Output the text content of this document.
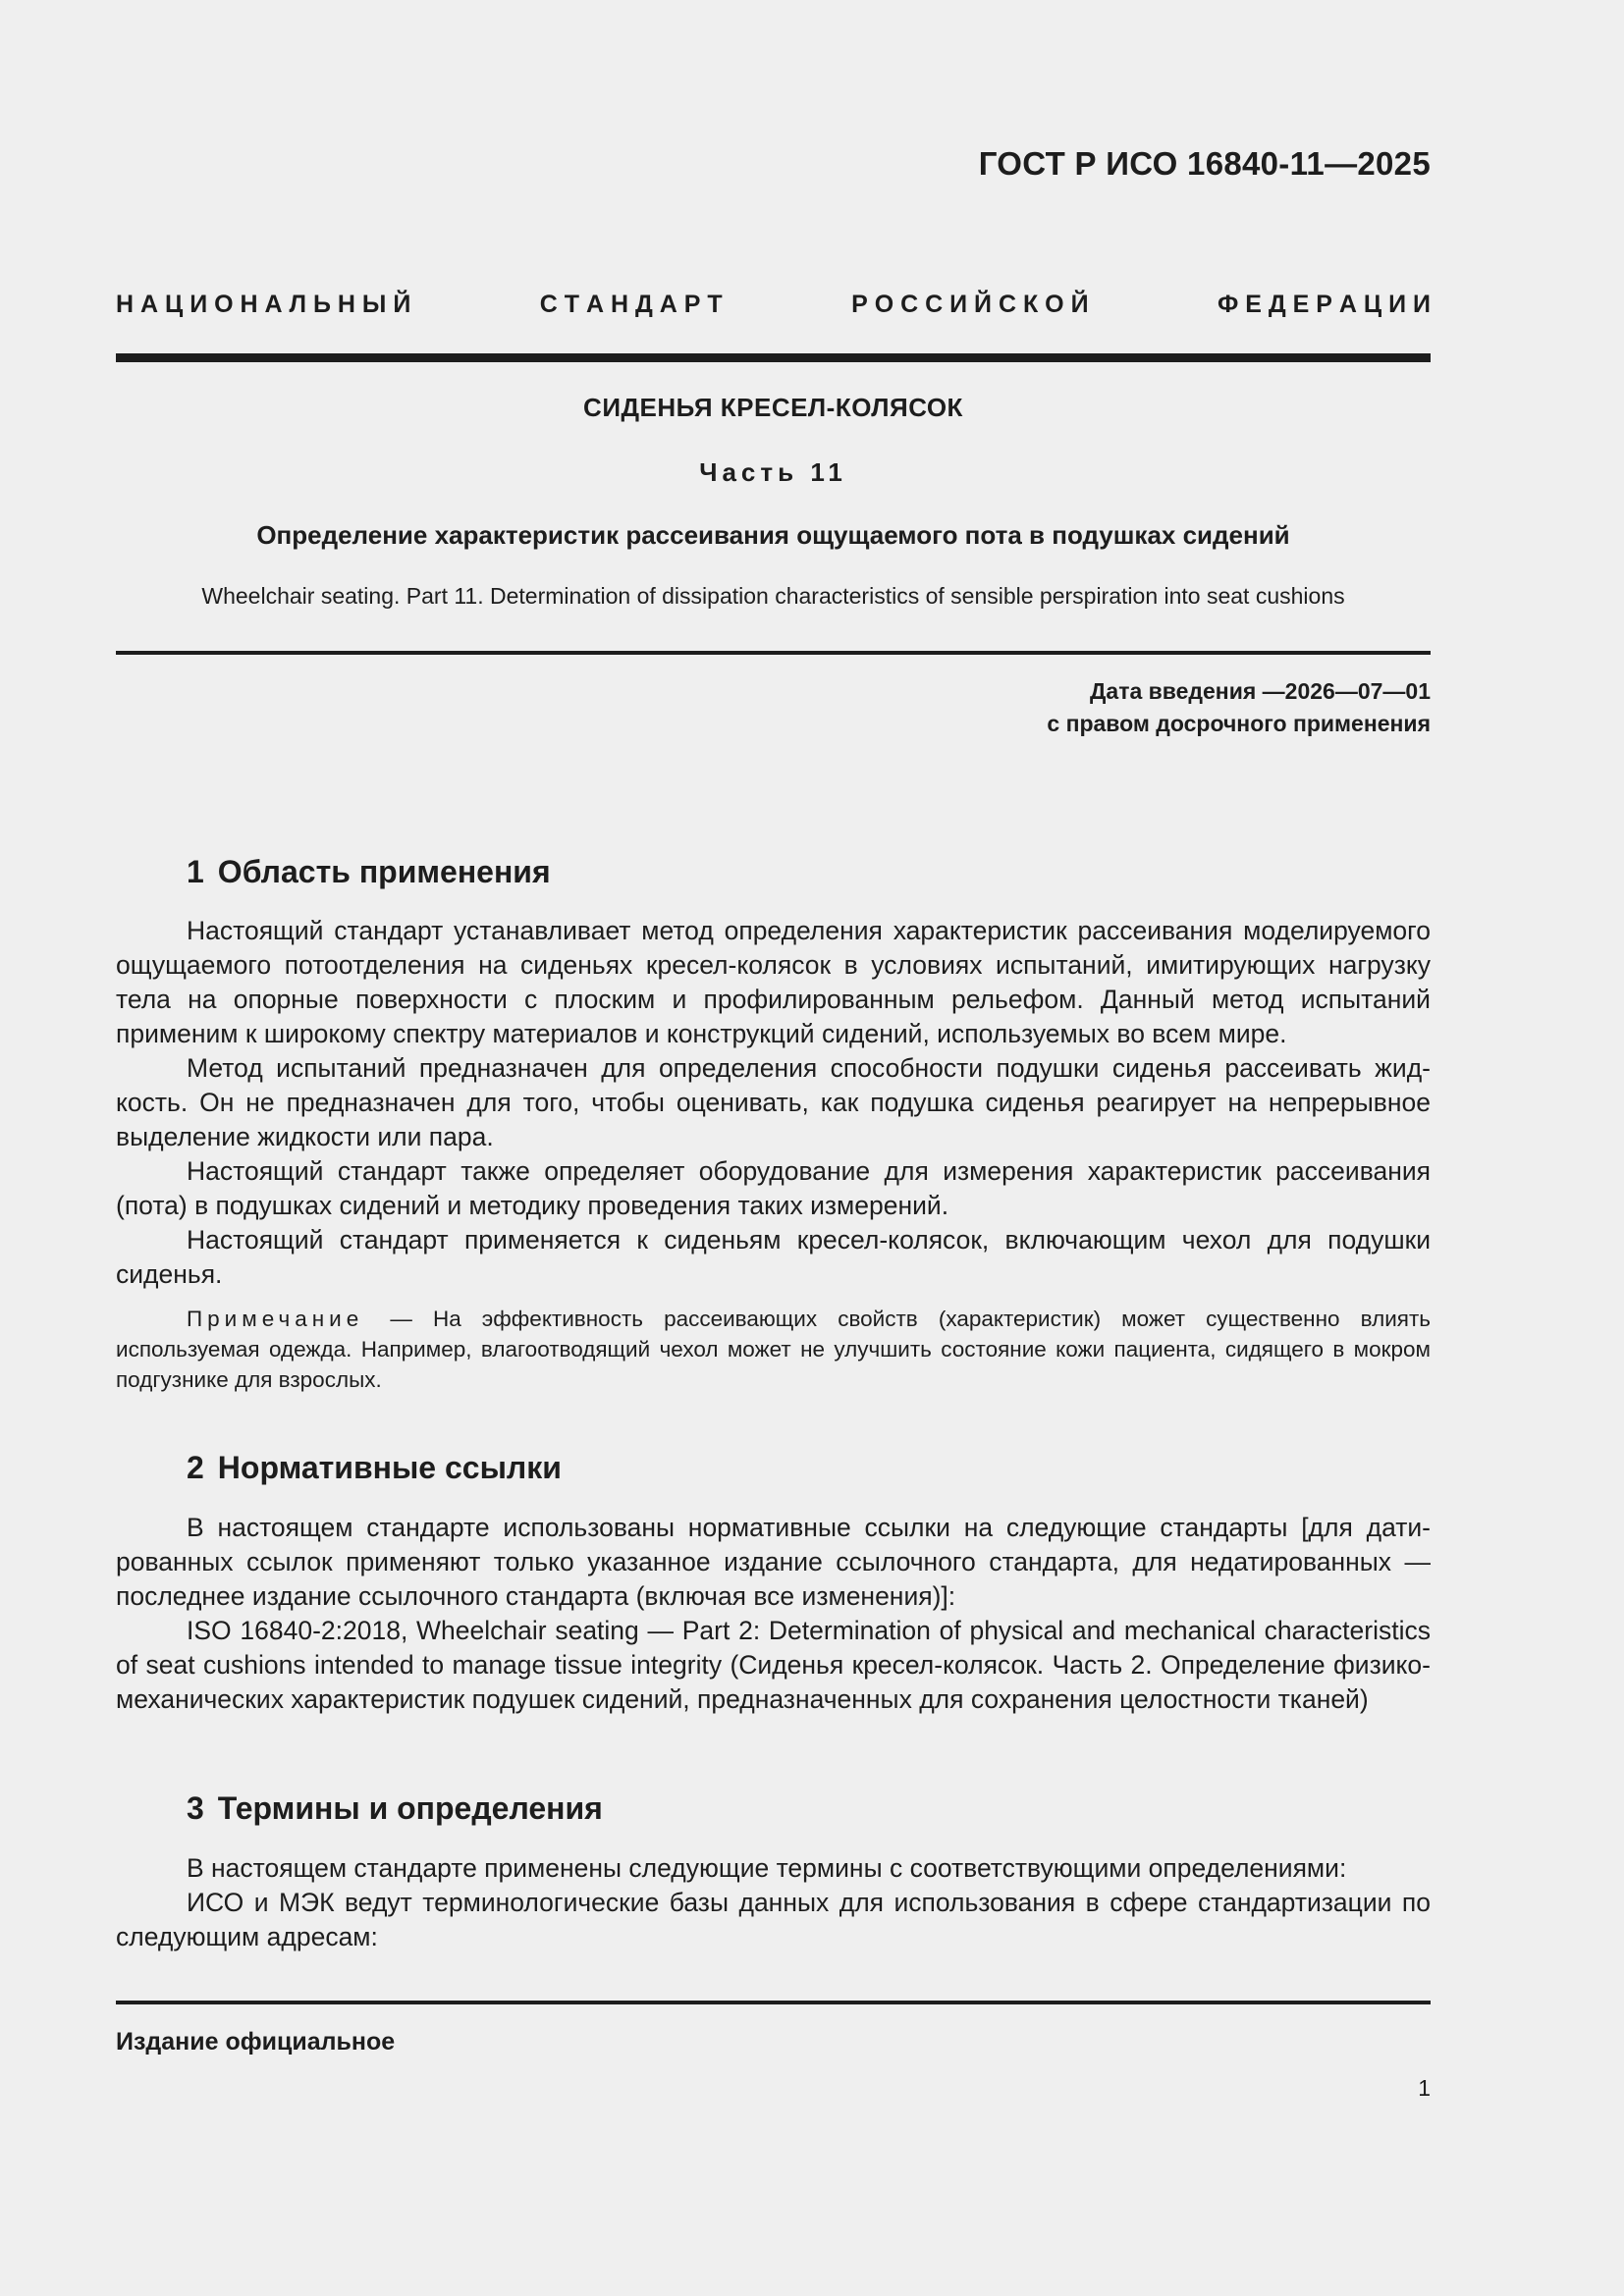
ГОСТ Р ИСО 16840-11—2025
Н А Ц И О Н А Л Ь Н Ы Й	С Т А Н Д А Р Т	Р О С С И Й С К О Й	Ф Е Д Е Р А Ц И И
СИДЕНЬЯ КРЕСЕЛ-КОЛЯСОК
Часть 11
Определение характеристик рассеивания ощущаемого пота в подушках сидений
Wheelchair seating. Part 11. Determination of dissipation characteristics of sensible perspiration into seat cushions
Дата введения —2026—07—01
с правом досрочного применения
1 Область применения

Настоящий стандарт устанавливает метод определения характеристик рассеивания моделируемого ощущаемого потоотделения на сиденьях кресел-колясок в условиях испытаний, имитирующих нагрузку тела на опорные поверхности с плоским и профилированным рельефом. Данный метод испытаний применим к широкому спектру материалов и конструкций сидений, используемых во всем мире.

Метод испытаний предназначен для определения способности подушки сиденья рассеивать жидкость. Он не предназначен для того, чтобы оценивать, как подушка сиденья реагирует на непрерывное выделение жидкости или пара.

Настоящий стандарт также определяет оборудование для измерения характеристик рассеивания (пота) в подушках сидений и методику проведения таких измерений.

Настоящий стандарт применяется к сиденьям кресел-колясок, включающим чехол для подушки сиденья.

Примечание — На эффективность рассеивающих свойств (характеристик) может существенно влиять используемая одежда. Например, влагоотводящий чехол может не улучшить состояние кожи пациента, сидящего в мокром подгузнике для взрослых.
2 Нормативные ссылки

В настоящем стандарте использованы нормативные ссылки на следующие стандарты [для датированных ссылок применяют только указанное издание ссылочного стандарта, для недатированных — последнее издание ссылочного стандарта (включая все изменения)]:

ISO 16840-2:2018, Wheelchair seating — Part 2: Determination of physical and mechanical characteristics of seat cushions intended to manage tissue integrity (Сиденья кресел-колясок. Часть 2. Определение физико-механических характеристик подушек сидений, предназначенных для сохранения целостности тканей)

3 Термины и определения

В настоящем стандарте применены следующие термины с соответствующими определениями:

ИСО и МЭК ведут терминологические базы данных для использования в сфере стандартизации по следующим адресам:

Издание официальное
1
